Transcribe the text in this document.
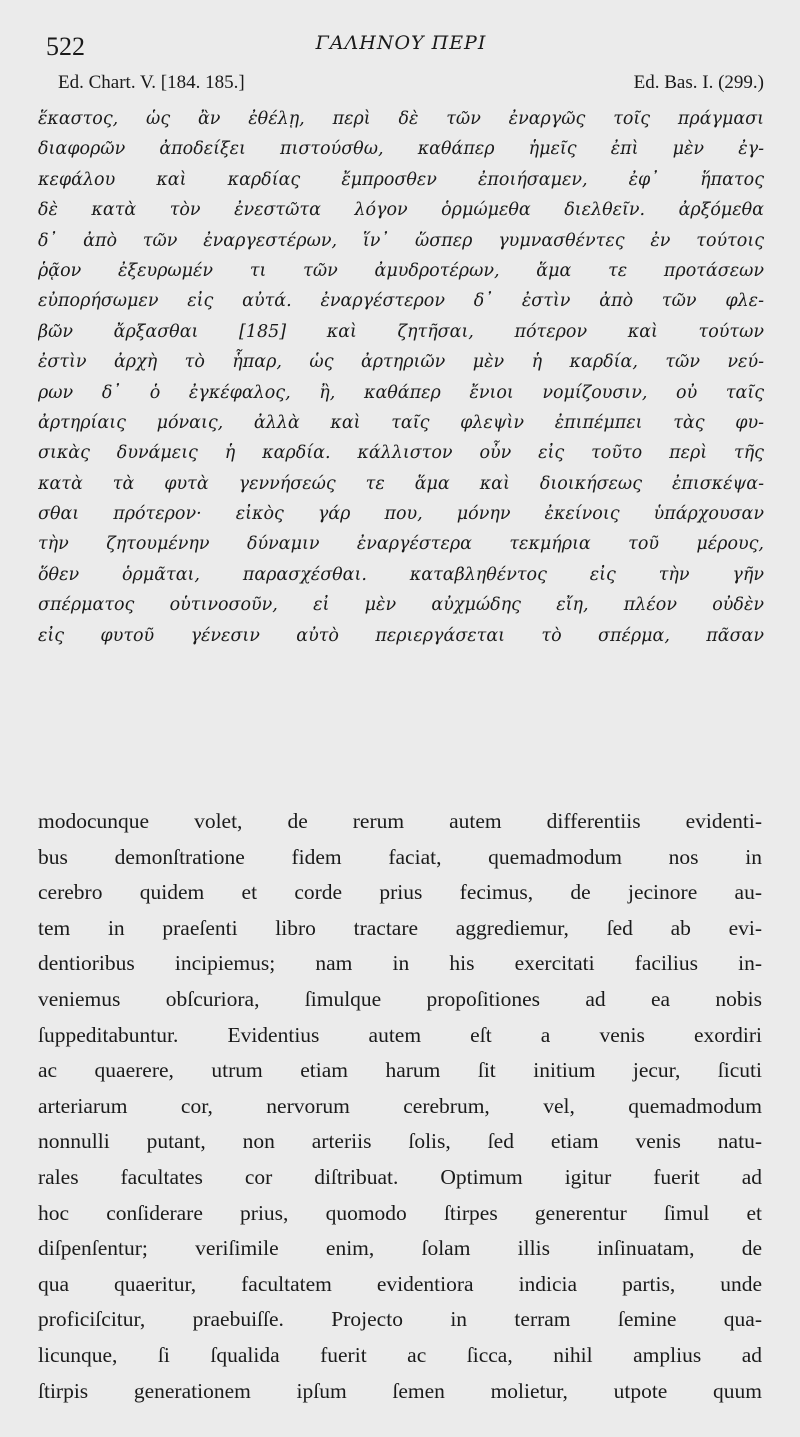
522	ΓΑΛΗΝΟΥ ΠΕΡΙ
Ed. Chart. V. [184. 185.]	Ed. Bas. I. (299.)
ἕκαστος, ὡς ἂν ἐθέλῃ, περὶ δὲ τῶν ἐναργῶς τοῖς πράγμασι
διαφορῶν ἀποδείξει πιστούσθω, καθάπερ ἡμεῖς ἐπὶ μὲν ἐγ-
κεφάλου καὶ καρδίας ἔμπροσθεν ἐποιήσαμεν, ἐφ᾽ ἥπατος
δὲ κατὰ τὸν ἐνεστῶτα λόγον ὁρμώμεθα διελθεῖν. ἀρξόμεθα
δ᾽ ἀπὸ τῶν ἐναργεστέρων, ἵν᾽ ὥσπερ γυμνασθέντες ἐν τούτοις
ῥᾷον ἐξευρωμέν τι τῶν ἀμυδροτέρων, ἅμα τε προτάσεων
εὐπορήσωμεν εἰς αὐτά. ἐναργέστερον δ᾽ ἐστὶν ἀπὸ τῶν φλε-
βῶν ἄρξασθαι [185] καὶ ζητῆσαι, πότερον καὶ τούτων
ἐστὶν ἀρχὴ τὸ ἧπαρ, ὡς ἀρτηριῶν μὲν ἡ καρδία, τῶν νεύ-
ρων δ᾽ ὁ ἐγκέφαλος, ἢ, καθάπερ ἔνιοι νομίζουσιν, οὐ ταῖς
ἀρτηρίαις μόναις, ἀλλὰ καὶ ταῖς φλεψὶν ἐπιπέμπει τὰς φυ-
σικὰς δυνάμεις ἡ καρδία. κάλλιστον οὖν εἰς τοῦτο περὶ τῆς
κατὰ τὰ φυτὰ γεννήσεώς τε ἅμα καὶ διοικήσεως ἐπισκέψα-
σθαι πρότερον· εἰκὸς γάρ που, μόνην ἐκείνοις ὑπάρχουσαν
τὴν ζητουμένην δύναμιν ἐναργέστερα τεκμήρια τοῦ μέρους,
ὅθεν ὁρμᾶται, παρασχέσθαι. καταβληθέντος εἰς τὴν γῆν
σπέρματος οὑτινοσοῦν, εἰ μὲν αὐχμώδης εἴη, πλέον οὐδὲν
εἰς φυτοῦ γένεσιν αὐτὸ περιεργάσεται τὸ σπέρμα, πᾶσαν
modocunque volet, de rerum autem differentiis evidenti-
bus demonſtratione fidem faciat, quemadmodum nos in
cerebro quidem et corde prius fecimus, de jecinore au-
tem in praeſenti libro tractare aggrediemur, ſed ab evi-
dentioribus incipiemus; nam in his exercitati facilius in-
veniemus obſcuriora, ſimulque propoſitiones ad ea nobis
ſuppeditabuntur. Evidentius autem eſt a venis exordiri
ac quaerere, utrum etiam harum ſit initium jecur, ſicuti
arteriarum cor, nervorum cerebrum, vel, quemadmodum
nonnulli putant, non arteriis ſolis, ſed etiam venis natu-
rales facultates cor diſtribuat. Optimum igitur fuerit ad
hoc conſiderare prius, quomodo ſtirpes generentur ſimul et
diſpenſentur; veriſimile enim, ſolam illis inſinuatam, de
qua quaeritur, facultatem evidentiora indicia partis, unde
proficiſcitur, praebuiſſe. Projecto in terram ſemine qua-
licunque, ſi ſqualida fuerit ac ſicca, nihil amplius ad
ſtirpis generationem ipſum ſemen molietur, utpote quum
